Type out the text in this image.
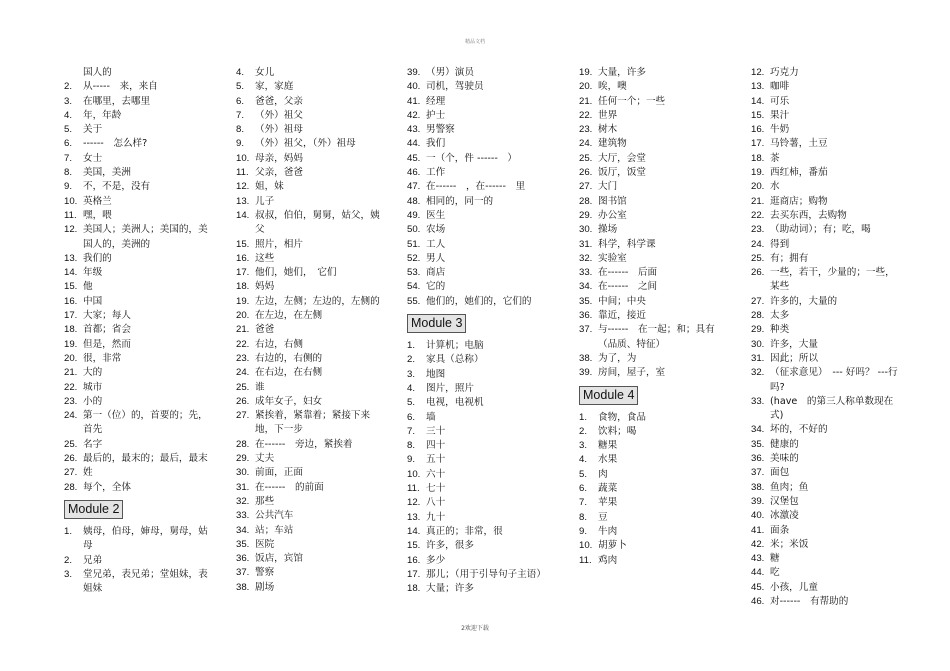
精品文档
国人的
2.	从-----　来，来自
3.	在哪里，去哪里
4.	年，年龄
5.	关于
6.	------　怎么样?
7.	女士
8.	美国，美洲
9.	不，不是，没有
10. 英格兰
11. 嘿，喂
12. 美国人；美洲人；美国的，美国人的，美洲的
13. 我们的
14. 年级
15. 他
16. 中国
17. 大家；每人
18. 首都；省会
19. 但是，然而
20. 很，非常
21. 大的
22. 城市
23. 小的
24. 第一（位）的，首要的；先，首先
25. 名字
26. 最后的，最末的；最后，最末
27. 姓
28. 每个，全体
Module 2
1.	姨母，伯母，婶母，舅母，姑母
2.	兄弟
3.	堂兄弟，表兄弟；堂姐妹，表姐妹
4.	女儿
5.	家，家庭
6.	爸爸，父亲
7.	（外）祖父
8.	（外）祖母
9.	（外）祖父，（外）祖母
10. 母亲，妈妈
11. 父亲，爸爸
12. 姐，妹
13. 儿子
14. 叔叔，伯伯，舅舅，姑父，姨父
15. 照片，相片
16. 这些
17. 他们，她们，　它们
18. 妈妈
19. 左边，左侧；左边的，左侧的
20. 在左边，在左侧
21. 爸爸
22. 右边，右侧
23. 右边的，右侧的
24. 在右边，在右侧
25. 谁
26. 成年女子，妇女
27. 紧挨着，紧靠着；紧接下来地，下一步
28. 在------　旁边，紧挨着
29. 丈夫
30. 前面，正面
31. 在------　的前面
32. 那些
33. 公共汽车
34. 站；车站
35. 医院
36. 饭店，宾馆
37. 警察
38. 剧场
39. （男）演员
40. 司机，驾驶员
41. 经理
42. 护士
43. 男警察
44. 我们
45. 一（个，件 ------　）
46. 工作
47. 在------　，在------　里
48. 相同的，同一的
49. 医生
50. 农场
51. 工人
52. 男人
53. 商店
54. 它的
55. 他们的，她们的，它们的
Module 3
1.	计算机；电脑
2.	家具（总称）
3.	地图
4.	图片，照片
5.	电视，电视机
6.	墙
7.	三十
8.	四十
9.	五十
10. 六十
11. 七十
12. 八十
13. 九十
14. 真正的；非常，很
15. 许多，很多
16. 多少
17. 那儿；（用于引导句子主语）
18. 大量；许多
19. 大量，许多
20. 唉，噢
21. 任何一个；一些
22. 世界
23. 树木
24. 建筑物
25. 大厅，会堂
26. 饭厅，饭堂
27. 大门
28. 图书馆
29. 办公室
30. 操场
31. 科学，科学课
32. 实验室
33. 在------　后面
34. 在------　之间
35. 中间；中央
36. 靠近，接近
37. 与------　在一起；和；具有（品质、特征）
38. 为了，为
39. 房间，屋子，室
Module 4
1.	食物，食品
2.	饮料；喝
3.	糖果
4.	水果
5.	肉
6.	蔬菜
7.	苹果
8.	豆
9.	牛肉
10. 胡萝卜
11. 鸡肉
12. 巧克力
13. 咖啡
14. 可乐
15. 果汁
16. 牛奶
17. 马铃薯，土豆
18. 茶
19. 西红柿，番茄
20. 水
21. 逛商店；购物
22. 去买东西，去购物
23. （助动词）；有；吃，喝
24. 得到
25. 有；拥有
26. 一些，若干，少量的；一些，某些
27. 许多的，大量的
28. 太多
29. 种类
30. 许多，大量
31. 因此；所以
32. （征求意见）　--- 好吗？ ---行吗?
33. (have　的第三人称单数现在式)
34. 坏的，不好的
35. 健康的
36. 美味的
37. 面包
38. 鱼肉；鱼
39. 汉堡包
40. 冰激凌
41. 面条
42. 米；米饭
43. 糖
44. 吃
45. 小孩，儿童
46. 对------　有帮助的
2欢迎下载
